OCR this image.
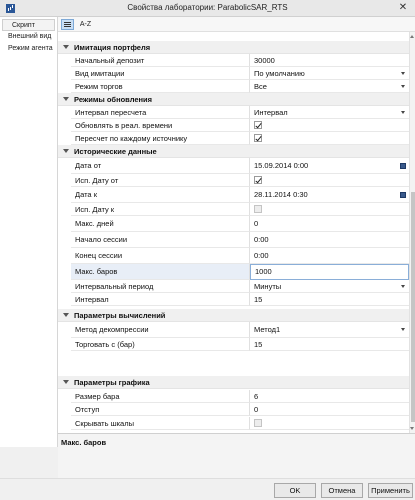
Свойства лаборатории: ParabolicSAR_RTS	✕
Скрипт
Внешний вид
Режим агента
A-Z
Имитация портфеля
Начальный депозит	30000
Вид имитации	По умолчанию
Режим торгов	Все
Режимы обновления
Интервал пересчета	Интервал
Обновлять в реал. времени
Пересчет по каждому источнику
Исторические данные
Дата от	15.09.2014 0:00
Исп. Дату от
Дата к	28.11.2014 0:30
Исп. Дату к
Макс. дней	0
Начало сессии	0:00
Конец сессии	0:00
Макс. баров	1000
Интервальный период	Минуты
Интервал	15
Параметры вычислений
Метод декомпрессии	Метод1
Торговать с (бар)	15
Параметры графика
Размер бара	6
Отступ	0
Скрывать шкалы
Макс. баров
OK	Отмена	Применить
